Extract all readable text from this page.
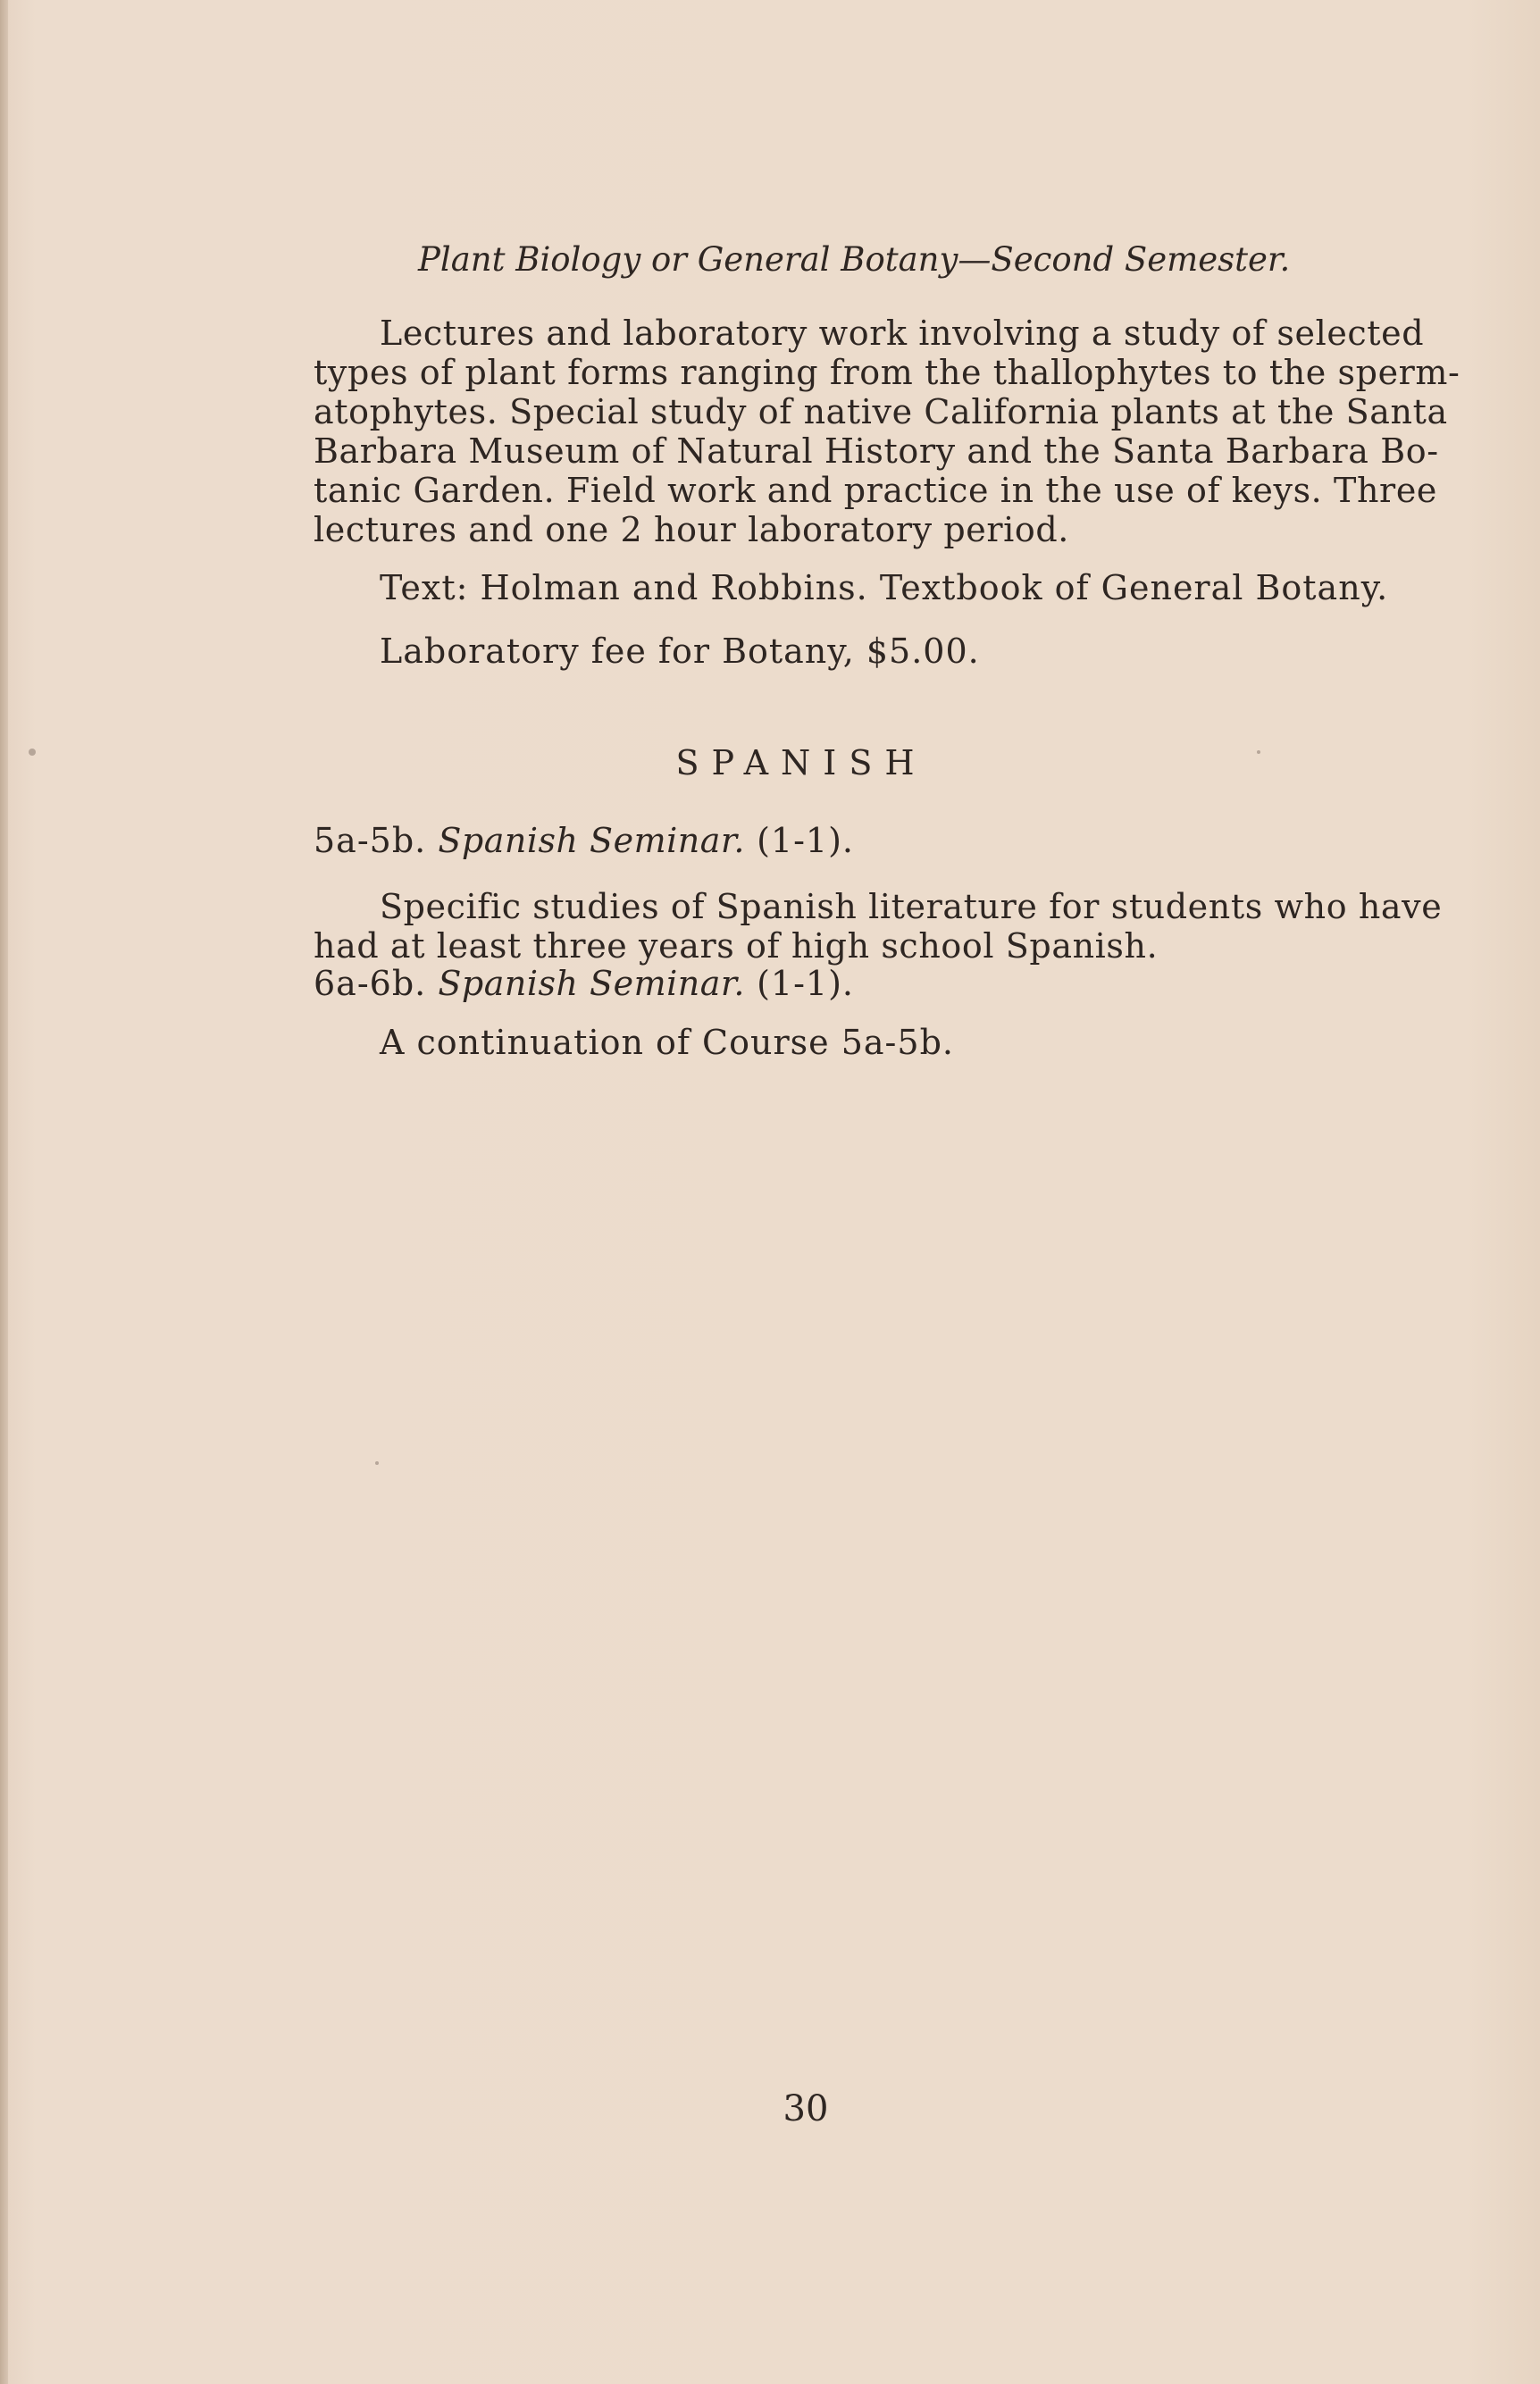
Plant Biology or General Botany—Second Semester.
Lectures and laboratory work involving a study of selected
types of plant forms ranging from the thallophytes to the sperm-
atophytes. Special study of native California plants at the Santa
Barbara Museum of Natural History and the Santa Barbara Bo-
tanic Garden. Field work and practice in the use of keys. Three
lectures and one 2 hour laboratory period.
Text: Holman and Robbins. Textbook of General Botany.
Laboratory fee for Botany, $5.00.
SPANISH
5a-5b. Spanish Seminar. (1-1).
Specific studies of Spanish literature for students who have
had at least three years of high school Spanish.
6a-6b. Spanish Seminar. (1-1).
A continuation of Course 5a-5b.
30
